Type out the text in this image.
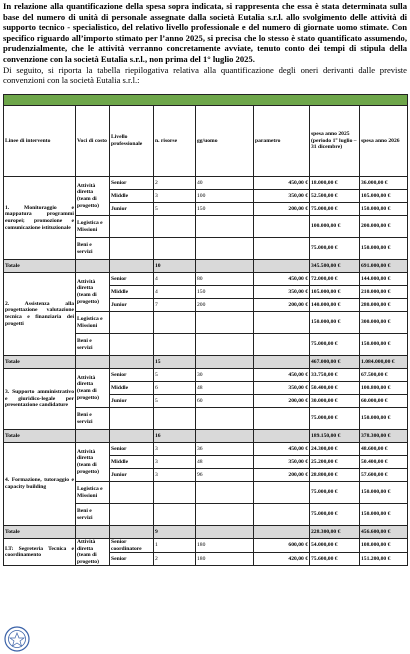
In relazione alla quantificazione della spesa sopra indicata, si rappresenta che essa è stata determinata sulla base del numero di unità di personale assegnate dalla società Eutalia s.r.l. allo svolgimento delle attività di supporto tecnico - specialistico, del relativo livello professionale e del numero di giornate uomo stimate. Con specifico riguardo all’importo stimato per l’anno 2025, si precisa che lo stesso è stato quantificato assumendo, prudenzialmente, che le attività verranno concretamente avviate, tenuto conto dei tempi di stipula della convenzione con la società Eutalia s.r.l., non prima del 1° luglio 2025.

Di seguito, si riporta la tabella riepilogativa relativa alla quantificazione degli oneri derivanti dalle previste convenzioni con la società Eutalia s.r.l.:

Linee di intervento	Voci di costo	Livello professionale	n. risorse	gg/uomo	parametro	spesa anno 2025 (periodo 1° luglio – 31 dicembre)	spesa anno 2026
1. Monitoraggio e mappatura programmi europei; promozione e comunicazione istituzionale	Attività diretta (team di progetto)	Senior	2	40	450,00 €	18.000,00 €	36.000,00 €
		Middle	3	100	350,00 €	52.500,00 €	105.000,00 €
		Junior	5	150	200,00 €	75.000,00 €	150.000,00 €
	Logistica e Missioni					100.000,00 €	200.000,00 €
	Beni e servizi					75.000,00 €	150.000,00 €
Totale			10			345.500,00 €	691.000,00 €
2. Assistenza alla progettazione valutazione tecnica e finanziaria dei progetti	Attività diretta (team di progetto)	Senior	4	80	450,00 €	72.000,00 €	144.000,00 €
		Middle	4	150	350,00 €	105.000,00 €	210.000,00 €
		Junior	7	200	200,00 €	140.000,00 €	280.000,00 €
	Logistica e Missioni					150.000,00 €	300.000,00 €
	Beni e servizi					75.000,00 €	150.000,00 €
Totale			15			467.000,00 €	1.084.000,00 €
3. Supporto amministrativo e giuridico-legale per presentazione candidature	Attività diretta (team di progetto)	Senior	5	30	450,00 €	33.750,00 €	67.500,00 €
		Middle	6	48	350,00 €	50.400,00 €	100.800,00 €
		Junior	5	60	200,00 €	30.000,00 €	60.000,00 €
	Beni e servizi					75.000,00 €	150.000,00 €
Totale			16			189.150,00 €	378.300,00 €
4. Formazione, tutoraggio e capacity building	Attività diretta (team di progetto)	Senior	3	36	450,00 €	24.300,00 €	48.600,00 €
		Middle	3	48	350,00 €	25.200,00 €	50.400,00 €
		Junior	3	96	200,00 €	28.800,00 €	57.600,00 €
	Logistica e Missioni					75.000,00 €	150.000,00 €
	Beni e servizi					75.000,00 €	150.000,00 €
Totale			9			228.300,00 €	456.600,00 €
LT: Segreteria Tecnica e coordinamento	Attività diretta (team di progetto)	Senior coordinatore	1	180	600,00 €	54.000,00 €	108.000,00 €
		Senior	2	180	420,00 €	75.600,00 €	151.200,00 €
